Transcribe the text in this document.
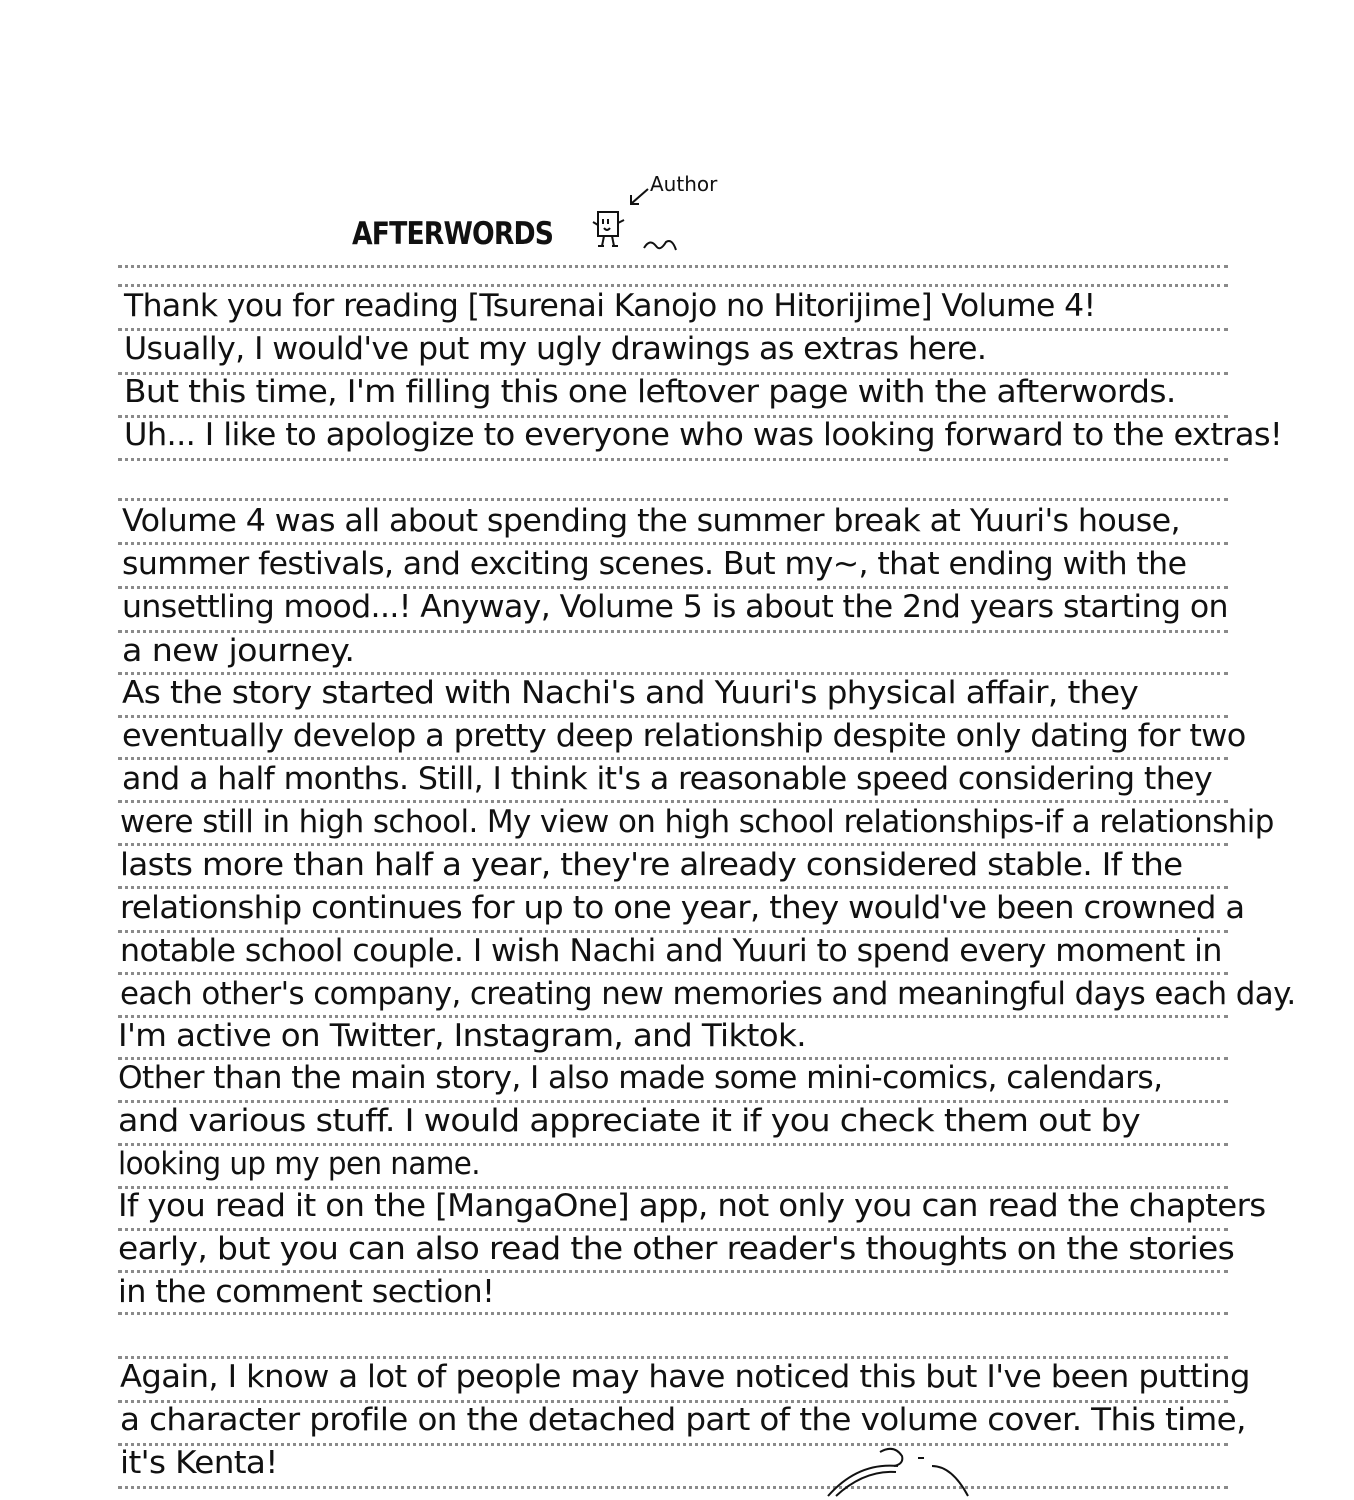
AFTERWORDS
Author
Thank you for reading [Tsurenai Kanojo no Hitorijime] Volume 4!
Usually, I would've put my ugly drawings as extras here.
But this time, I'm filling this one leftover page with the afterwords.
Uh... I like to apologize to everyone who was looking forward to the extras!
Volume 4 was all about spending the summer break at Yuuri's house,
summer festivals, and exciting scenes. But my~, that ending with the
unsettling mood...! Anyway, Volume 5 is about the 2nd years starting on
a new journey.
As the story started with Nachi's and Yuuri's physical affair, they
eventually develop a pretty deep relationship despite only dating for two
and a half months. Still, I think it's a reasonable speed considering they
were still in high school. My view on high school relationships-if a relationship
lasts more than half a year, they're already considered stable. If the
relationship continues for up to one year, they would've been crowned a
notable school couple. I wish Nachi and Yuuri to spend every moment in
each other's company, creating new memories and meaningful days each day.
I'm active on Twitter, Instagram, and Tiktok.
Other than the main story, I also made some mini-comics, calendars,
and various stuff. I would appreciate it if you check them out by
looking up my pen name.
If you read it on the [MangaOne] app, not only you can read the chapters
early, but you can also read the other reader's thoughts on the stories
in the comment section!
Again, I know a lot of people may have noticed this but I've been putting
a character profile on the detached part of the volume cover. This time,
it's Kenta!
